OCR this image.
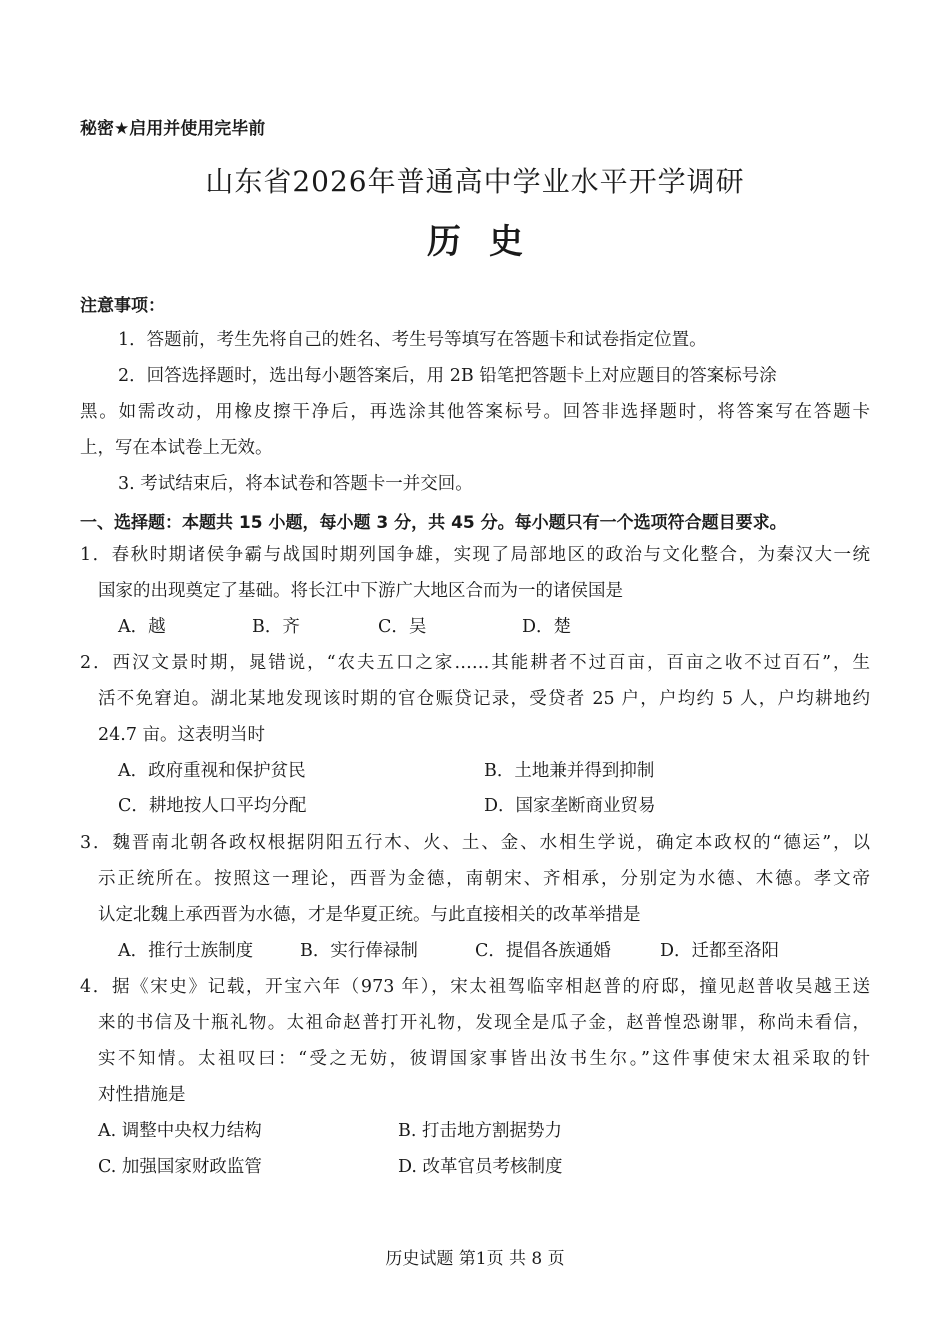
秘密★启用并使用完毕前
山东省2026年普通高中学业水平开学调研
历史
注意事项：
1．答题前，考生先将自己的姓名、考生号等填写在答题卡和试卷指定位置。
2．回答选择题时，选出每小题答案后，用 2B 铅笔把答题卡上对应题目的答案标号涂
黑。如需改动，用橡皮擦干净后，再选涂其他答案标号。回答非选择题时，将答案写在答题卡
上，写在本试卷上无效。
3. 考试结束后，将本试卷和答题卡一并交回。
一、选择题：本题共 15 小题，每小题 3 分，共 45 分。每小题只有一个选项符合题目要求。
1．春秋时期诸侯争霸与战国时期列国争雄，实现了局部地区的政治与文化整合，为秦汉大一统
国家的出现奠定了基础。将长江中下游广大地区合而为一的诸侯国是
A．越	B．齐	C．吴	D．楚
2．西汉文景时期，晁错说，“农夫五口之家……其能耕者不过百亩，百亩之收不过百石”，生
活不免窘迫。湖北某地发现该时期的官仓赈贷记录，受贷者 25 户，户均约 5 人，户均耕地约
24.7 亩。这表明当时
A．政府重视和保护贫民	B．土地兼并得到抑制
C．耕地按人口平均分配	D．国家垄断商业贸易
3．魏晋南北朝各政权根据阴阳五行木、火、土、金、水相生学说，确定本政权的“德运”，以
示正统所在。按照这一理论，西晋为金德，南朝宋、齐相承，分别定为水德、木德。孝文帝
认定北魏上承西晋为水德，才是华夏正统。与此直接相关的改革举措是
A．推行士族制度	B．实行俸禄制	C．提倡各族通婚	D．迁都至洛阳
4．据《宋史》记载，开宝六年（973 年），宋太祖驾临宰相赵普的府邸，撞见赵普收吴越王送
来的书信及十瓶礼物。太祖命赵普打开礼物，发现全是瓜子金，赵普惶恐谢罪，称尚未看信，
实不知情。太祖叹曰：“受之无妨，彼谓国家事皆出汝书生尔。”这件事使宋太祖采取的针
对性措施是
A. 调整中央权力结构	B. 打击地方割据势力
C. 加强国家财政监管	D. 改革官员考核制度
历史试题 第1页 共 8 页
